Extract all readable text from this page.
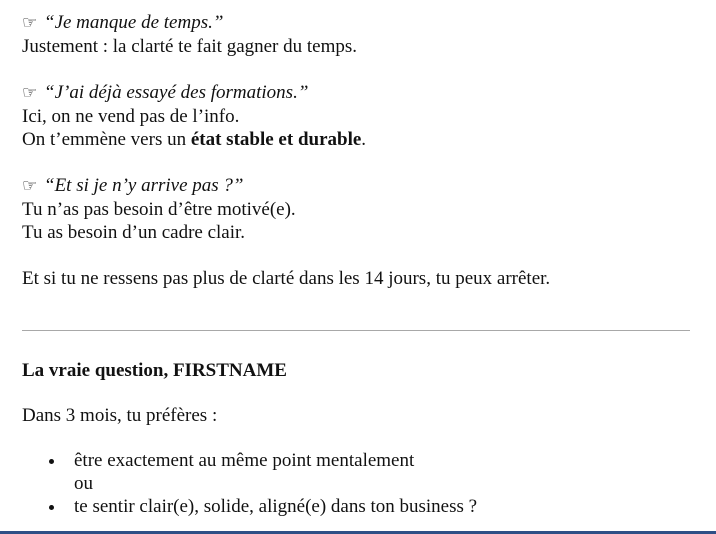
☞ “Je manque de temps.”
Justement : la clarté te fait gagner du temps.
☞ “J’ai déjà essayé des formations.”
Ici, on ne vend pas de l’info.
On t’emmène vers un état stable et durable.
☞ “Et si je n’y arrive pas ?”
Tu n’as pas besoin d’être motivé(e).
Tu as besoin d’un cadre clair.
Et si tu ne ressens pas plus de clarté dans les 14 jours, tu peux arrêter.
La vraie question, FIRSTNAME
Dans 3 mois, tu préfères :
être exactement au même point mentalement
ou
te sentir clair(e), solide, aligné(e) dans ton business ?
